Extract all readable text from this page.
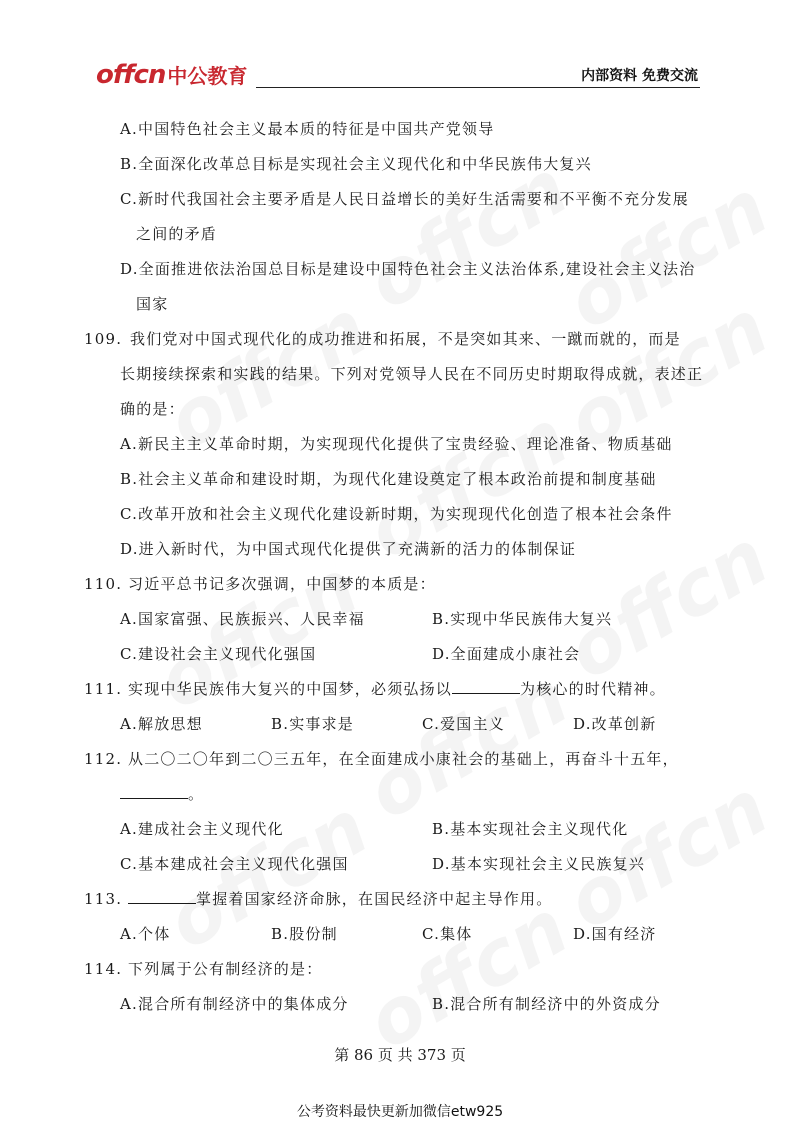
offcn 中公教育	内部资料 免费交流
A.中国特色社会主义最本质的特征是中国共产党领导
B.全面深化改革总目标是实现社会主义现代化和中华民族伟大复兴
C.新时代我国社会主要矛盾是人民日益增长的美好生活需要和不平衡不充分发展
之间的矛盾
D.全面推进依法治国总目标是建设中国特色社会主义法治体系,建设社会主义法治
国家
109. 我们党对中国式现代化的成功推进和拓展，不是突如其来、一蹴而就的，而是
长期接续探索和实践的结果。下列对党领导人民在不同历史时期取得成就，表述正
确的是：
A.新民主主义革命时期，为实现现代化提供了宝贵经验、理论准备、物质基础
B.社会主义革命和建设时期，为现代化建设奠定了根本政治前提和制度基础
C.改革开放和社会主义现代化建设新时期，为实现现代化创造了根本社会条件
D.进入新时代，为中国式现代化提供了充满新的活力的体制保证
110. 习近平总书记多次强调，中国梦的本质是：
A.国家富强、民族振兴、人民幸福	B.实现中华民族伟大复兴
C.建设社会主义现代化强国	D.全面建成小康社会
111. 实现中华民族伟大复兴的中国梦，必须弘扬以	为核心的时代精神。
A.解放思想	B.实事求是	C.爱国主义	D.改革创新
112. 从二〇二〇年到二〇三五年，在全面建成小康社会的基础上，再奋斗十五年，
。
A.建成社会主义现代化	B.基本实现社会主义现代化
C.基本建成社会主义现代化强国	D.基本实现社会主义民族复兴
113.	掌握着国家经济命脉，在国民经济中起主导作用。
A.个体	B.股份制	C.集体	D.国有经济
114. 下列属于公有制经济的是：
A.混合所有制经济中的集体成分	B.混合所有制经济中的外资成分
第 86 页 共 373 页
公考资料最快更新加微信etw925
